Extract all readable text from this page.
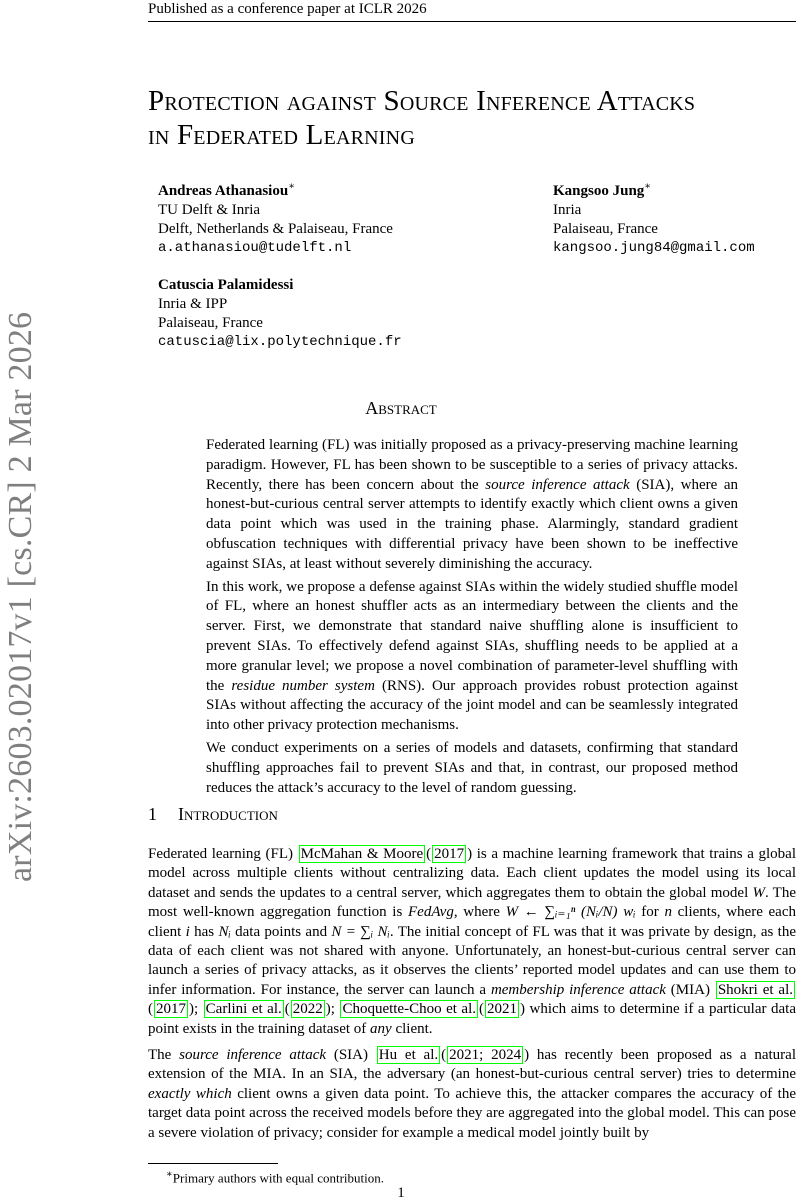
Published as a conference paper at ICLR 2026
arXiv:2603.02017v1 [cs.CR] 2 Mar 2026
Protection against Source Inference Attacks
in Federated Learning
Andreas Athanasiou∗
TU Delft & Inria
Delft, Netherlands & Palaiseau, France
a.athanasiou@tudelft.nl
Kangsoo Jung∗
Inria
Palaiseau, France
kangsoo.jung84@gmail.com
Catuscia Palamidessi
Inria & IPP
Palaiseau, France
catuscia@lix.polytechnique.fr
Abstract

Federated learning (FL) was initially proposed as a privacy-preserving machine learning paradigm. However, FL has been shown to be susceptible to a series of privacy attacks. Recently, there has been concern about the source inference attack (SIA), where an honest-but-curious central server attempts to identify exactly which client owns a given data point which was used in the training phase. Alarmingly, standard gradient obfuscation techniques with differential privacy have been shown to be ineffective against SIAs, at least without severely diminishing the accuracy.

In this work, we propose a defense against SIAs within the widely studied shuffle model of FL, where an honest shuffler acts as an intermediary between the clients and the server. First, we demonstrate that standard naive shuffling alone is insufficient to prevent SIAs. To effectively defend against SIAs, shuffling needs to be applied at a more granular level; we propose a novel combination of parameter-level shuffling with the residue number system (RNS). Our approach provides robust protection against SIAs without affecting the accuracy of the joint model and can be seamlessly integrated into other privacy protection mechanisms.

We conduct experiments on a series of models and datasets, confirming that standard shuffling approaches fail to prevent SIAs and that, in contrast, our proposed method reduces the attack’s accuracy to the level of random guessing.

1 Introduction

Federated learning (FL) McMahan & Moore ( 2017 ) is a machine learning framework that trains a global model across multiple clients without centralizing data. Each client updates the model using its local dataset and sends the updates to a central server, which aggregates them to obtain the global model W. The most well-known aggregation function is FedAvg, where W ← ∑ᵢ₌₁ⁿ (Nᵢ/N) wᵢ for n clients, where each client i has Nᵢ data points and N = ∑ᵢ Nᵢ. The initial concept of FL was that it was private by design, as the data of each client was not shared with anyone. Unfortunately, an honest-but-curious central server can launch a series of privacy attacks, as it observes the clients’ reported model updates and can use them to infer information. For instance, the server can launch a membership inference attack (MIA) Shokri et al.( 2017 ); Carlini et al. ( 2022 ); Choquette-Choo et al. ( 2021 ) which aims to determine if a particular data point exists in the training dataset of any client.

The source inference attack (SIA) Hu et al. ( 2021; 2024 ) has recently been proposed as a natural extension of the MIA. In an SIA, the adversary (an honest-but-curious central server) tries to determine exactly which client owns a given data point. To achieve this, the attacker compares the accuracy of the target data point across the received models before they are aggregated into the global model. This can pose a severe violation of privacy; consider for example a medical model jointly built by

∗Primary authors with equal contribution.
1
